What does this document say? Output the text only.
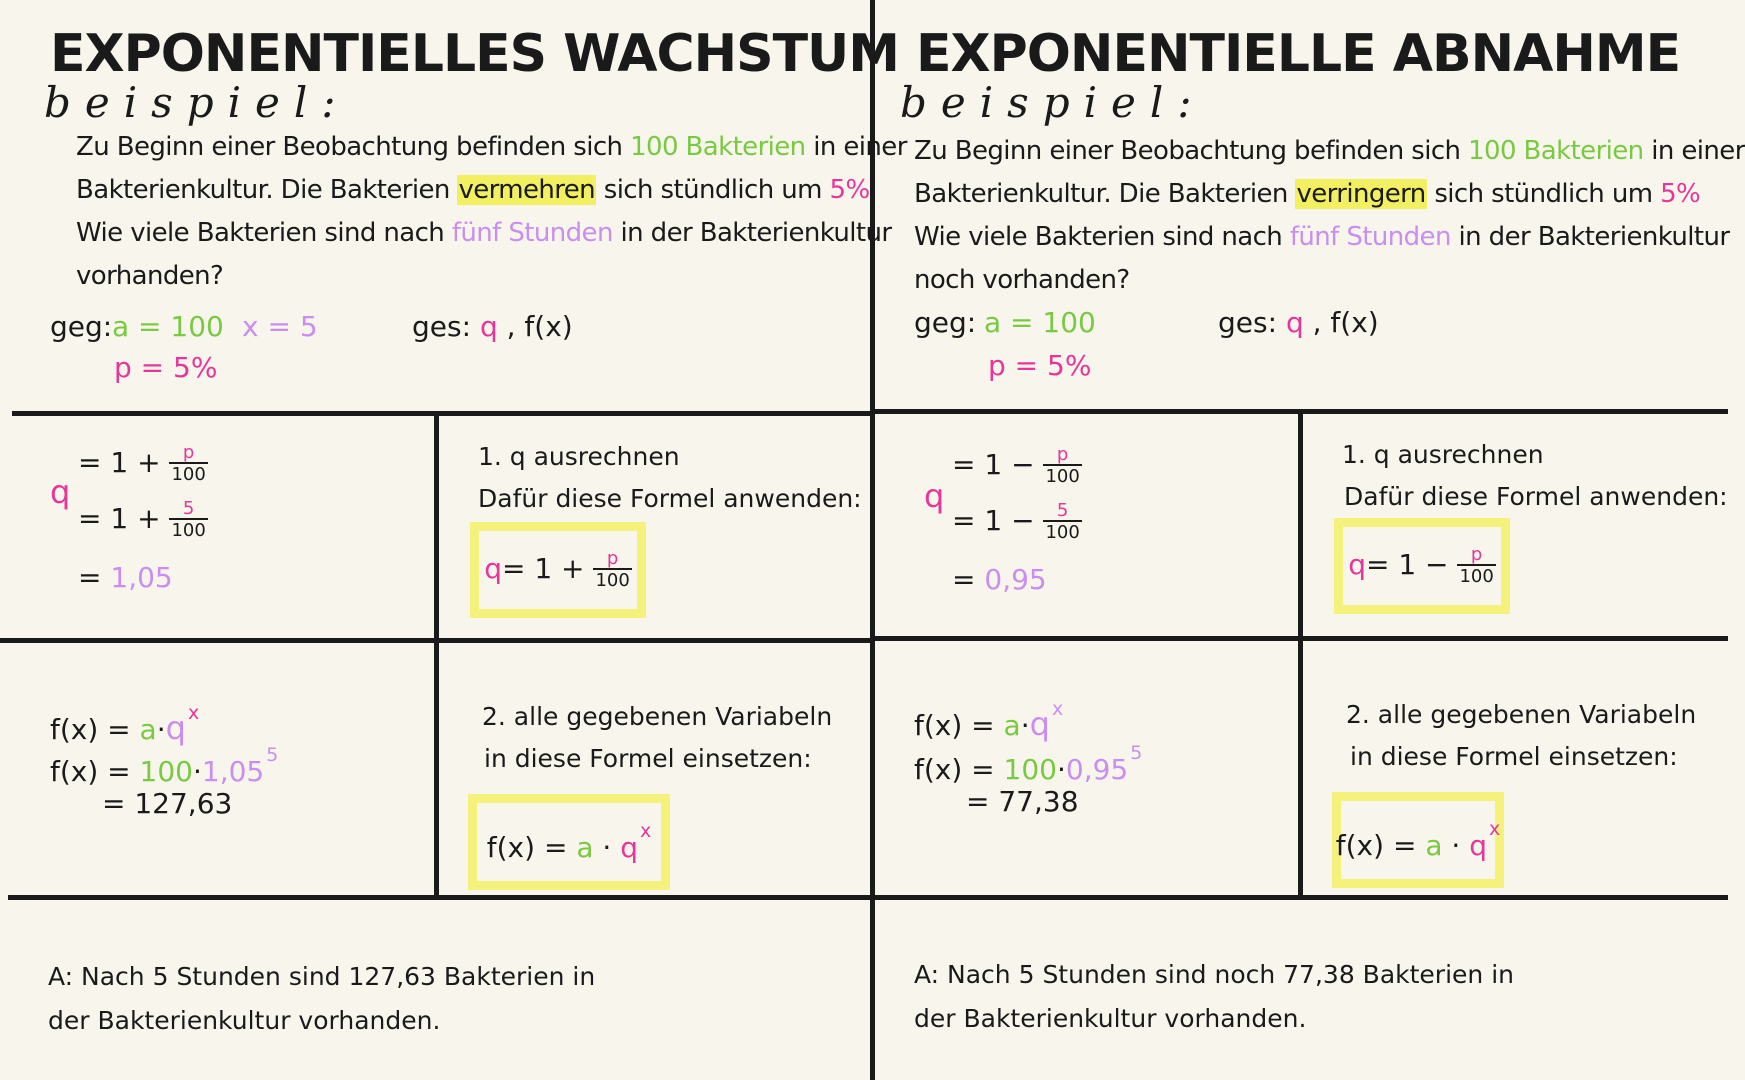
EXPONENTIELLES WACHSTUM
beispiel:
Zu Beginn einer Beobachtung befinden sich 100 Bakterien in einer
Bakterienkultur. Die Bakterien vermehren sich stündlich um 5%
Wie viele Bakterien sind nach fünf Stunden in der Bakterienkultur
vorhanden?
geg: a = 100 x = 5
p = 5%
ges: q , f(x)
q
= $1 + \frac{p}{100}$
= $1 + \frac{5}{100}$
= 1,05
1. q ausrechnen
Dafür diese Formel anwenden:
$q= 1 + \frac{p}{100}$
f(x) = a·q $^x$
f(x) = 100·1,05 $^5$
= 127,63
2. alle gegebenen Variabeln
in diese Formel einsetzen:
f(x) = a · q $^x$
A: Nach 5 Stunden sind 127,63 Bakterien in
der Bakterienkultur vorhanden.
EXPONENTIELLE ABNAHME
beispiel:
Zu Beginn einer Beobachtung befinden sich 100 Bakterien in einer
Bakterienkultur. Die Bakterien verringern sich stündlich um 5%
Wie viele Bakterien sind nach fünf Stunden in der Bakterienkultur
noch vorhanden?
geg: a = 100
p = 5%
ges: q , f(x)
q
= $1 - \frac{p}{100}$
= $1 - \frac{5}{100}$
= 0,95
1. q ausrechnen
Dafür diese Formel anwenden:
$q= 1 - \frac{p}{100}$
f(x) = a·q $^x$
f(x) = 100·0,95 $^5$
= 77,38
2. alle gegebenen Variabeln
in diese Formel einsetzen:
f(x) = a · q $^x$
A: Nach 5 Stunden sind noch 77,38 Bakterien in
der Bakterienkultur vorhanden.
